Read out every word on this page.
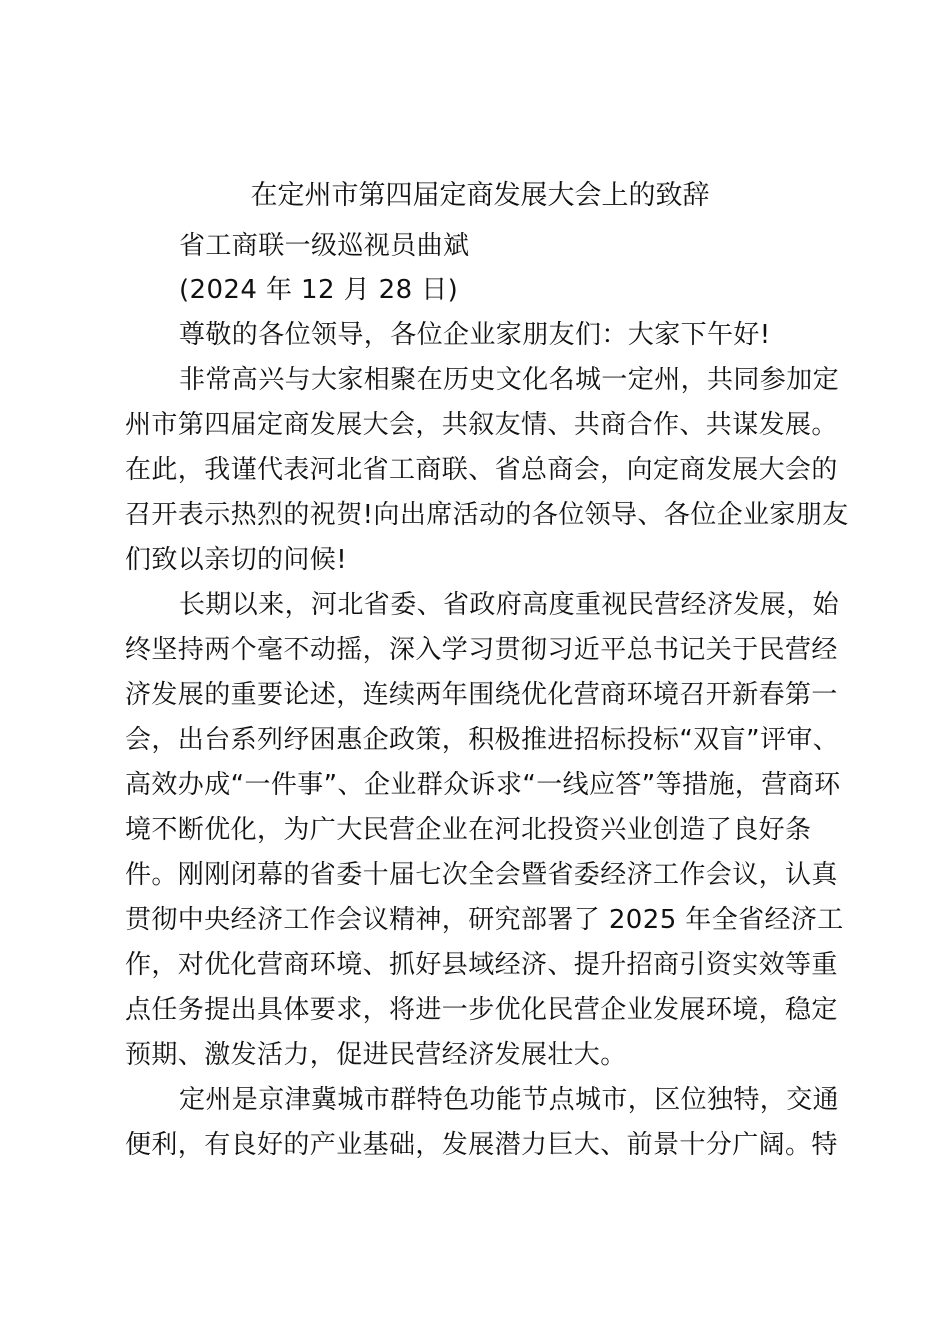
在定州市第四届定商发展大会上的致辞
省工商联一级巡视员曲斌
(2024 年 12 月 28 日)
尊敬的各位领导，各位企业家朋友们：大家下午好!
非常高兴与大家相聚在历史文化名城一定州，共同参加定
州市第四届定商发展大会，共叙友情、共商合作、共谋发展。
在此，我谨代表河北省工商联、省总商会，向定商发展大会的
召开表示热烈的祝贺!向出席活动的各位领导、各位企业家朋友
们致以亲切的问候!
长期以来，河北省委、省政府高度重视民营经济发展，始
终坚持两个毫不动摇，深入学习贯彻习近平总书记关于民营经
济发展的重要论述，连续两年围绕优化营商环境召开新春第一
会，出台系列纾困惠企政策，积极推进招标投标“双盲”评审、
高效办成“一件事”、企业群众诉求“一线应答”等措施，营商环
境不断优化，为广大民营企业在河北投资兴业创造了良好条
件。刚刚闭幕的省委十届七次全会暨省委经济工作会议，认真
贯彻中央经济工作会议精神，研究部署了 2025 年全省经济工
作，对优化营商环境、抓好县域经济、提升招商引资实效等重
点任务提出具体要求，将进一步优化民营企业发展环境，稳定
预期、激发活力，促进民营经济发展壮大。
定州是京津冀城市群特色功能节点城市，区位独特，交通
便利，有良好的产业基础，发展潜力巨大、前景十分广阔。特
